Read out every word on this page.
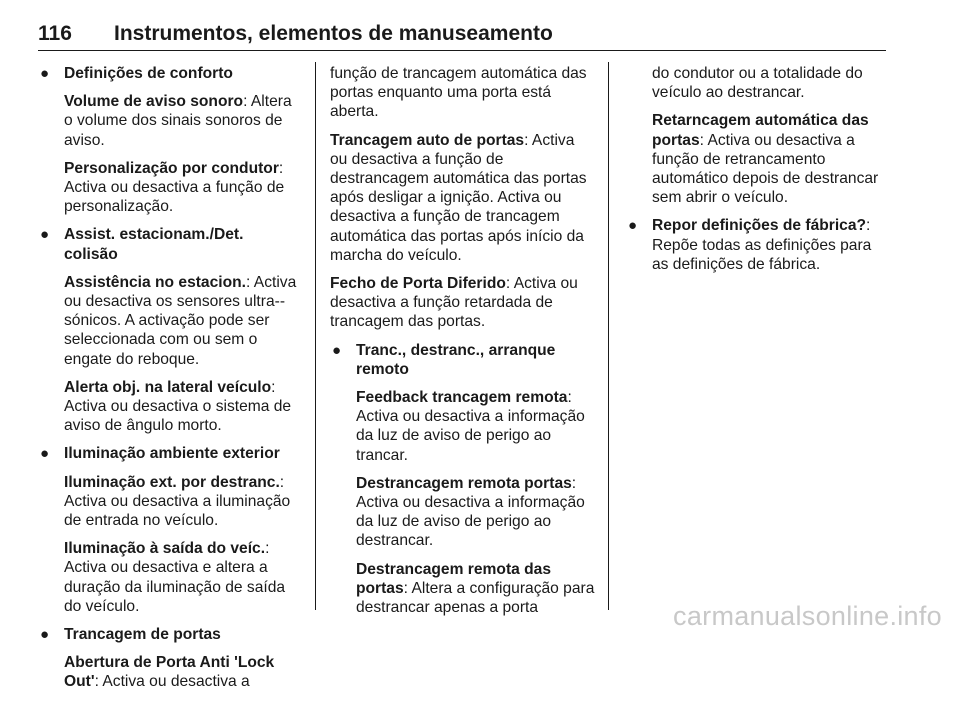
116 Instrumentos, elementos de manuseamento
● Definições de conforto
Volume de aviso sonoro: Altera o volume dos sinais sonoros de aviso.
Personalização por condutor: Activa ou desactiva a função de personalização.
● Assist. estacionam./Det. colisão
Assistência no estacion.: Activa ou desactiva os sensores ultra--sónicos. A activação pode ser seleccionada com ou sem o engate do reboque.
Alerta obj. na lateral veículo: Activa ou desactiva o sistema de aviso de ângulo morto.
● Iluminação ambiente exterior
Iluminação ext. por destranc.: Activa ou desactiva a iluminação de entrada no veículo.
Iluminação à saída do veíc.: Activa ou desactiva e altera a duração da iluminação de saída do veículo.
● Trancagem de portas
Abertura de Porta Anti 'Lock Out': Activa ou desactiva a
função de trancagem automática das portas enquanto uma porta está aberta.
Trancagem auto de portas: Activa ou desactiva a função de destrancagem automática das portas após desligar a ignição. Activa ou desactiva a função de trancagem automática das portas após início da marcha do veículo.
Fecho de Porta Diferido: Activa ou desactiva a função retardada de trancagem das portas.
● Tranc., destranc., arranque remoto
Feedback trancagem remota: Activa ou desactiva a informação da luz de aviso de perigo ao trancar.
Destrancagem remota portas: Activa ou desactiva a informação da luz de aviso de perigo ao destrancar.
Destrancagem remota das portas: Altera a configuração para destrancar apenas a porta
do condutor ou a totalidade do veículo ao destrancar.
Retarncagem automática das portas: Activa ou desactiva a função de retrancamento automático depois de destrancar sem abrir o veículo.
● Repor definições de fábrica?: Repõe todas as definições para as definições de fábrica.
carmanualsonline.info
